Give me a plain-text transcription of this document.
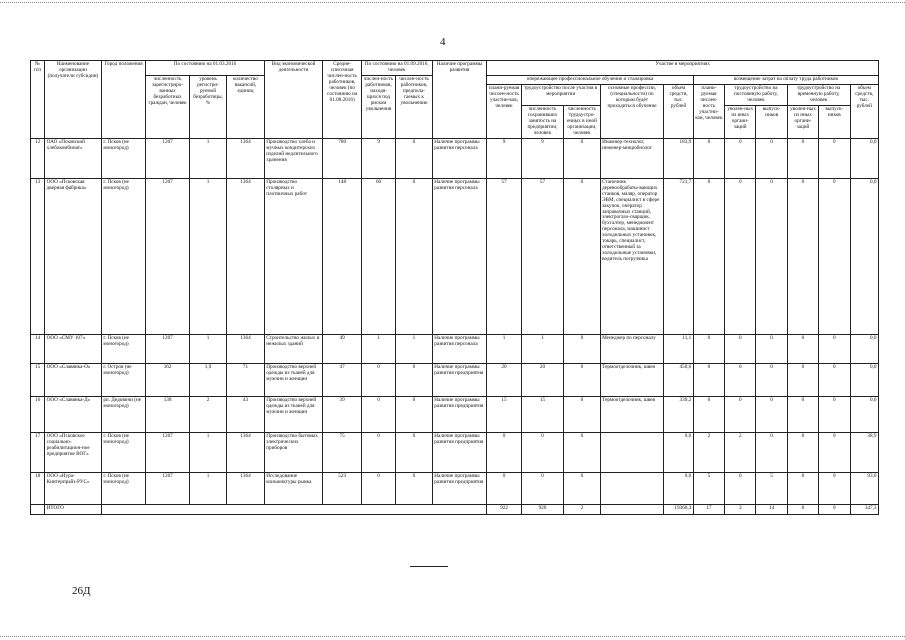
4
№ п/п	Наименование организации (получатели субсидии)	Город положения	По состоянию на 01.03.2016			Вид экономической деятельности	Средне-списочная числен-ность работников, человек (по состоянию на 01.08.2016)	По состоянию на 01.09.2016, человек		Наличие программы развития	Участие в мероприятиях										
			численность зарегистриро-ванных безработных граждан, человек	уровень регистри-руемой безработицы, %	количество вакансий, единиц			числен-ность работников, находя-щихся под риском увольнения	числен-ность работников, предпола-гаемых к увольнению		опережающее профессиональное обучение и стажировка					возмещение затрат на оплату труда работников					
											плани-руемая числен-ность участни-ков, человек	трудоустройство после участия в мероприятии		основные профессии, (специальности) по которым будет проходиться обучение	объем средств, тыс. рублей	плани-руемая числен-ность участни-ков, человек	трудоустройство на постоянную работу, человек		трудоустройство на временную работу, человек		объем средств, тыс. рублей
												численность сохранивших занятость на предприятии, человек	численность трудоустро-енных в иной организации, человек				уволен-ных из иных органи-заций	выпуск-ников	уволен-ных из иных органи-заций	выпуск-ников	
12	ОАО «Псковский хлебокомбинат»	г. Псков (не моногород)	1207	1	1364	Производство хлеба и мучных кондитерских изделий недлительного хранения	780	9	0	Наличие программы развития персонала	9	9	0	Инженер-технолог, инженер-микробиолог	183,9	0	0	0	0	0	0,0
13	ООО «Псковская дверная фабрика»	г. Псков (не моногород)	1207	1	1364	Производство столярных и плотничных работ	148	60	0	Наличие программы развития персонала	57	57	0	Станочник деревообрабаты-вающих станков, маляр, оператор ЭВМ, специалист в сфере закупок, оператор заправочных станций, электрогазо-сварщик, бухгалтер, менеджмент персонала, машинист холодильных установок, токарь, специалист, ответственный за холодильные установки, водитель погрузчика	721,7	0	0	0	0	0	0,0
14	ООО «СМУ 107»	г. Псков (не моногород)	1207	1	1364	Строительство жилых и нежилых зданий	49	1	1	Наличие программы развития персонала	1	1	0	Менеджер по персоналу	11,1	0	0	0	0	0	0,0
15	ООО «Славянка-О»	г. Остров (не моногород)	162	1,9	71	Производство верхней одежды из тканей для мужчин и женщин	47	0	0	Наличие программы развития предприятия	20	20	0	Термоотделочник, швея	450,6	0	0	0	0	0	0,0
16	ООО «Славянка-Д»	рп. Дедовичи (не моногород)	138	2	43	Производство верхней одежды из тканей для мужчин и женщин	39	0	0	Наличие программы развития предприятия	15	15	0	Термоотделочник, швея	339,2	0	0	0	0	0	0,0
17	ООО «Псковское социально-реабилитацион-ное предприятие ВОГ»	г. Псков (не моногород)	1207	1	1364	Производство бытовых электрических приборов	75	0	0	Наличие программы развития предприятия	0	0	0		0,0	2	2	0	0	0	38,9
18	ООО «Нура-Кинтерпрайз-РУС»	г. Псков (не моногород)	1207	1	1364	Исследование конъюнктуры рынка	523	0	0	Наличие программы развития предприятия	0	0	0		0,0	5	0	5	0	0	93,0
	ИТОГО										922	920	2		19360,3	17	3	14	0	0	347,3
26Д
